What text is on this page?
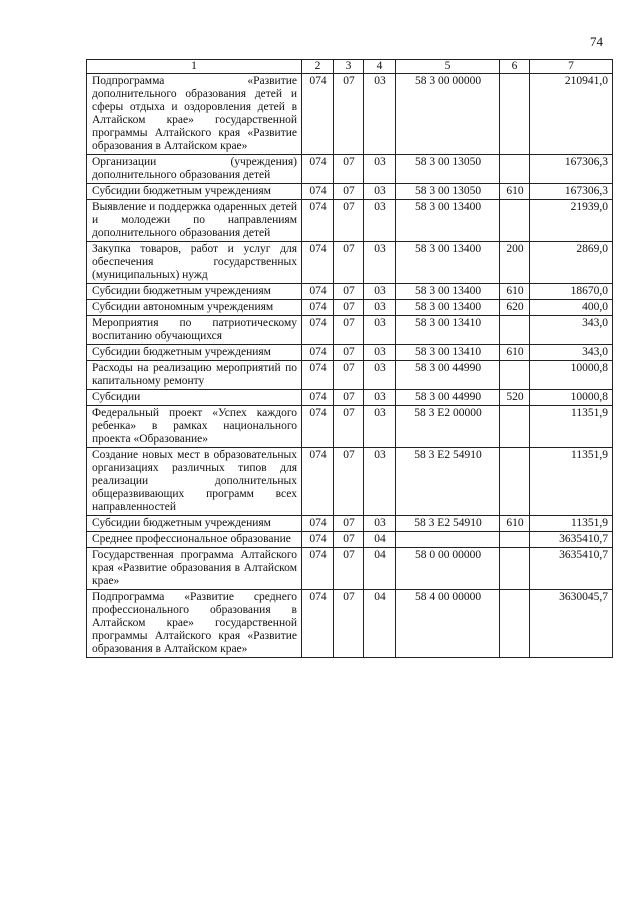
74
1	2	3	4	5	6	7
Подпрограмма «Развитие дополнительного образования детей и сферы отдыха и оздоровления детей в Алтайском крае» государственной программы Алтайского края «Развитие образования в Алтайском крае»	074	07	03	58 3 00 00000		210941,0
Организации (учреждения) дополнительного образования детей	074	07	03	58 3 00 13050		167306,3
Субсидии бюджетным учреждениям	074	07	03	58 3 00 13050	610	167306,3
Выявление и поддержка одаренных детей и молодежи по направлениям дополнительного образования детей	074	07	03	58 3 00 13400		21939,0
Закупка товаров, работ и услуг для обеспечения государственных (муниципальных) нужд	074	07	03	58 3 00 13400	200	2869,0
Субсидии бюджетным учреждениям	074	07	03	58 3 00 13400	610	18670,0
Субсидии автономным учреждениям	074	07	03	58 3 00 13400	620	400,0
Мероприятия по патриотическому воспитанию обучающихся	074	07	03	58 3 00 13410		343,0
Субсидии бюджетным учреждениям	074	07	03	58 3 00 13410	610	343,0
Расходы на реализацию мероприятий по капитальному ремонту	074	07	03	58 3 00 44990		10000,8
Субсидии	074	07	03	58 3 00 44990	520	10000,8
Федеральный проект «Успех каждого ребенка» в рамках национального проекта «Образование»	074	07	03	58 3 E2 00000		11351,9
Создание новых мест в образовательных организациях различных типов для реализации дополнительных общеразвивающих программ всех направленностей	074	07	03	58 3 E2 54910		11351,9
Субсидии бюджетным учреждениям	074	07	03	58 3 E2 54910	610	11351,9
Среднее профессиональное образование	074	07	04			3635410,7
Государственная программа Алтайского края «Развитие образования в Алтайском крае»	074	07	04	58 0 00 00000		3635410,7
Подпрограмма «Развитие среднего профессионального образования в Алтайском крае» государственной программы Алтайского края «Развитие образования в Алтайском крае»	074	07	04	58 4 00 00000		3630045,7
